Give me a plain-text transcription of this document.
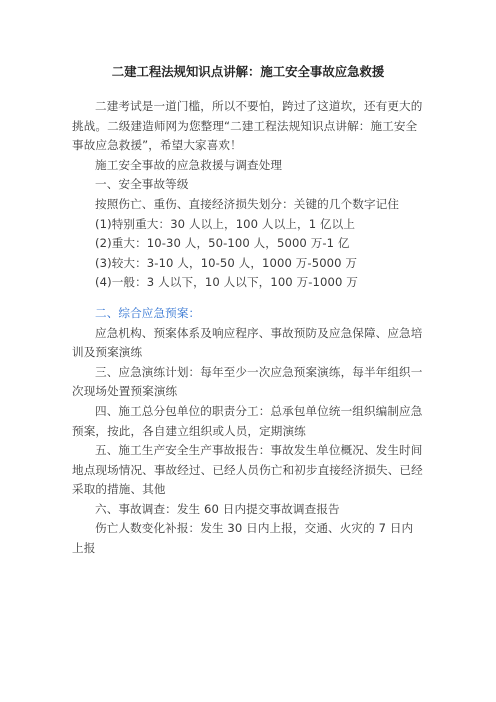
二建工程法规知识点讲解：施工安全事故应急救援

二建考试是一道门槛，所以不要怕，跨过了这道坎，还有更大的挑战。二级建造师网为您整理“二建工程法规知识点讲解：施工安全事故应急救援”，希望大家喜欢！

施工安全事故的应急救援与调查处理

一、安全事故等级

按照伤亡、重伤、直接经济损失划分：关键的几个数字记住

(1)特别重大：30 人以上，100 人以上，1 亿以上

(2)重大：10-30 人，50-100 人，5000 万-1 亿

(3)较大：3-10 人，10-50 人，1000 万-5000 万

(4)一般：3 人以下，10 人以下，100 万-1000 万

二、综合应急预案：

应急机构、预案体系及响应程序、事故预防及应急保障、应急培训及预案演练

三、应急演练计划：每年至少一次应急预案演练，每半年组织一次现场处置预案演练

四、施工总分包单位的职责分工：总承包单位统一组织编制应急预案，按此，各自建立组织或人员，定期演练

五、施工生产安全生产事故报告：事故发生单位概况、发生时间地点现场情况、事故经过、已经人员伤亡和初步直接经济损失、已经采取的措施、其他

六、事故调查：发生 60 日内提交事故调查报告

伤亡人数变化补报：发生 30 日内上报，交通、火灾的 7 日内上报
